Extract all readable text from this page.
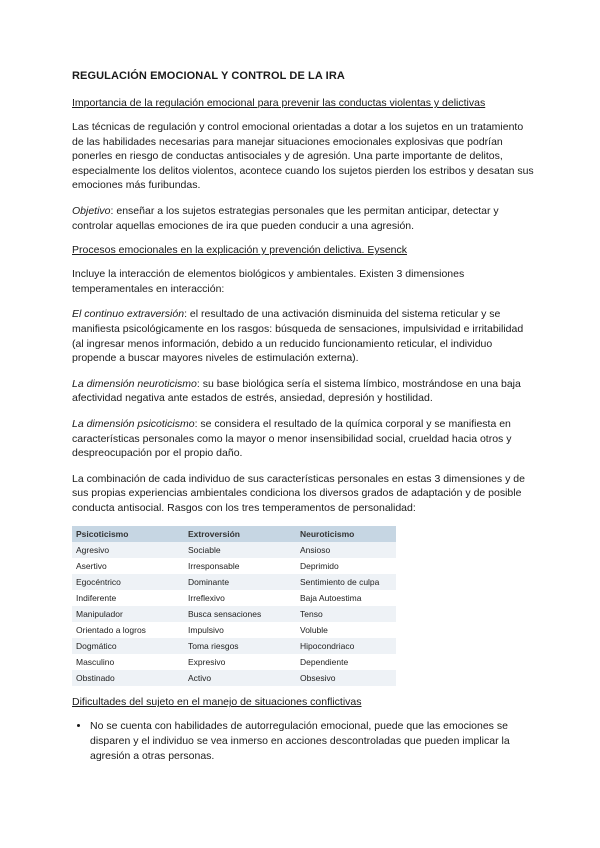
REGULACIÓN EMOCIONAL Y CONTROL DE LA IRA
Importancia de la regulación emocional para prevenir las conductas violentas y delictivas

Las técnicas de regulación y control emocional orientadas a dotar a los sujetos en un tratamiento de las habilidades necesarias para manejar situaciones emocionales explosivas que podrían ponerles en riesgo de conductas antisociales y de agresión. Una parte importante de delitos, especialmente los delitos violentos, acontece cuando los sujetos pierden los estribos y desatan sus emociones más furibundas.

Objetivo: enseñar a los sujetos estrategias personales que les permitan anticipar, detectar y controlar aquellas emociones de ira que pueden conducir a una agresión.

Procesos emocionales en la explicación y prevención delictiva. Eysenck

Incluye la interacción de elementos biológicos y ambientales. Existen 3 dimensiones temperamentales en interacción:

El continuo extraversión: el resultado de una activación disminuida del sistema reticular y se manifiesta psicológicamente en los rasgos: búsqueda de sensaciones, impulsividad e irritabilidad (al ingresar menos información, debido a un reducido funcionamiento reticular, el individuo propende a buscar mayores niveles de estimulación externa).

La dimensión neuroticismo: su base biológica sería el sistema límbico, mostrándose en una baja afectividad negativa ante estados de estrés, ansiedad, depresión y hostilidad.

La dimensión psicoticismo: se considera el resultado de la química corporal y se manifiesta en características personales como la mayor o menor insensibilidad social, crueldad hacia otros y despreocupación por el propio daño.

La combinación de cada individuo de sus características personales en estas 3 dimensiones y de sus propias experiencias ambientales condiciona los diversos grados de adaptación y de posible conducta antisocial. Rasgos con los tres temperamentos de personalidad:

Psicoticismo	Extroversión	Neuroticismo
Agresivo	Sociable	Ansioso
Asertivo	Irresponsable	Deprimido
Egocéntrico	Dominante	Sentimiento de culpa
Indiferente	Irreflexivo	Baja Autoestima
Manipulador	Busca sensaciones	Tenso
Orientado a logros	Impulsivo	Voluble
Dogmático	Toma riesgos	Hipocondriaco
Masculino	Expresivo	Dependiente
Obstinado	Activo	Obsesivo
Dificultades del sujeto en el manejo de situaciones conflictivas
• No se cuenta con habilidades de autorregulación emocional, puede que las emociones se disparen y el individuo se vea inmerso en acciones descontroladas que pueden implicar la agresión a otras personas.
